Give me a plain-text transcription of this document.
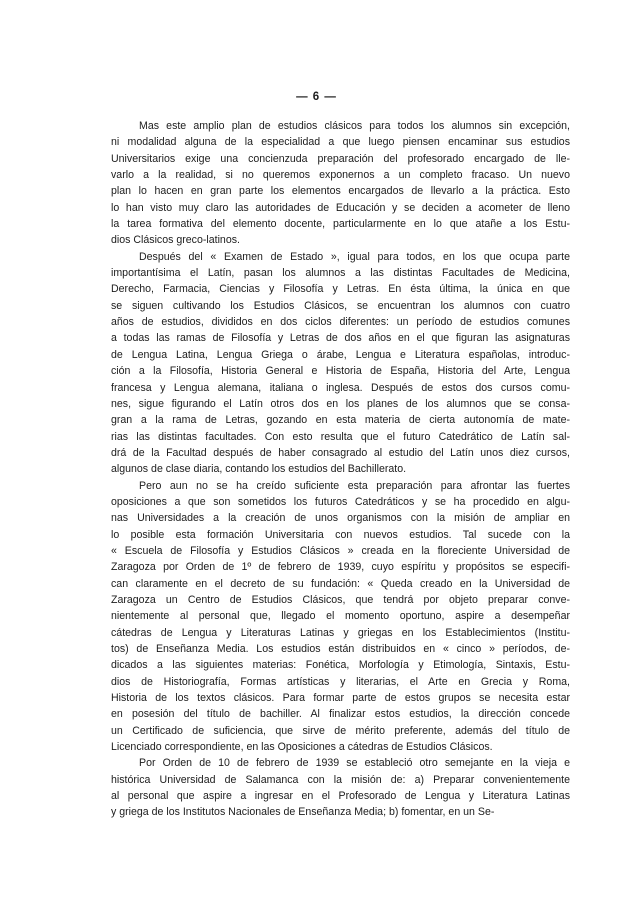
— 6 —
Mas este amplio plan de estudios clásicos para todos los alumnos sin excepción,
ni modalidad alguna de la especialidad a que luego piensen encaminar sus estudios
Universitarios exige una concienzuda preparación del profesorado encargado de lle-
varlo a la realidad, si no queremos exponernos a un completo fracaso. Un nuevo
plan lo hacen en gran parte los elementos encargados de llevarlo a la práctica. Esto
lo han visto muy claro las autoridades de Educación y se deciden a acometer de lleno
la tarea formativa del elemento docente, particularmente en lo que atañe a los Estu-
dios Clásicos greco-latinos.
Después del « Examen de Estado », igual para todos, en los que ocupa parte
importantísima el Latín, pasan los alumnos a las distintas Facultades de Medicina,
Derecho, Farmacia, Ciencias y Filosofía y Letras. En ésta última, la única en que
se siguen cultivando los Estudios Clásicos, se encuentran los alumnos con cuatro
años de estudios, divididos en dos ciclos diferentes: un período de estudios comunes
a todas las ramas de Filosofía y Letras de dos años en el que figuran las asignaturas
de Lengua Latina, Lengua Griega o árabe, Lengua e Literatura españolas, introduc-
ción a la Filosofía, Historia General e Historia de España, Historia del Arte, Lengua
francesa y Lengua alemana, italiana o inglesa. Después de estos dos cursos comu-
nes, sigue figurando el Latín otros dos en los planes de los alumnos que se consa-
gran a la rama de Letras, gozando en esta materia de cierta autonomía de mate-
rias las distintas facultades. Con esto resulta que el futuro Catedrático de Latín sal-
drá de la Facultad después de haber consagrado al estudio del Latín unos diez cursos,
algunos de clase diaria, contando los estudios del Bachillerato.
Pero aun no se ha creído suficiente esta preparación para afrontar las fuertes
oposiciones a que son sometidos los futuros Catedráticos y se ha procedido en algu-
nas Universidades a la creación de unos organismos con la misión de ampliar en
lo posible esta formación Universitaria con nuevos estudios. Tal sucede con la
« Escuela de Filosofía y Estudios Clásicos » creada en la floreciente Universidad de
Zaragoza por Orden de 1º de febrero de 1939, cuyo espíritu y propósitos se especifi-
can claramente en el decreto de su fundación: « Queda creado en la Universidad de
Zaragoza un Centro de Estudios Clásicos, que tendrá por objeto preparar conve-
nientemente al personal que, llegado el momento oportuno, aspire a desempeñar
cátedras de Lengua y Literaturas Latinas y griegas en los Establecimientos (Institu-
tos) de Enseñanza Media. Los estudios están distribuidos en « cinco » períodos, de-
dicados a las siguientes materias: Fonética, Morfología y Etimología, Sintaxis, Estu-
dios de Historiografía, Formas artísticas y literarias, el Arte en Grecia y Roma,
Historia de los textos clásicos. Para formar parte de estos grupos se necesita estar
en posesión del título de bachiller. Al finalizar estos estudios, la dirección concede
un Certificado de suficiencia, que sirve de mérito preferente, además del título de
Licenciado correspondiente, en las Oposiciones a cátedras de Estudios Clásicos.
Por Orden de 10 de febrero de 1939 se estableció otro semejante en la vieja e
histórica Universidad de Salamanca con la misión de: a) Preparar convenientemente
al personal que aspire a ingresar en el Profesorado de Lengua y Literatura Latinas
y griega de los Institutos Nacionales de Enseñanza Media; b) fomentar, en un Se-
